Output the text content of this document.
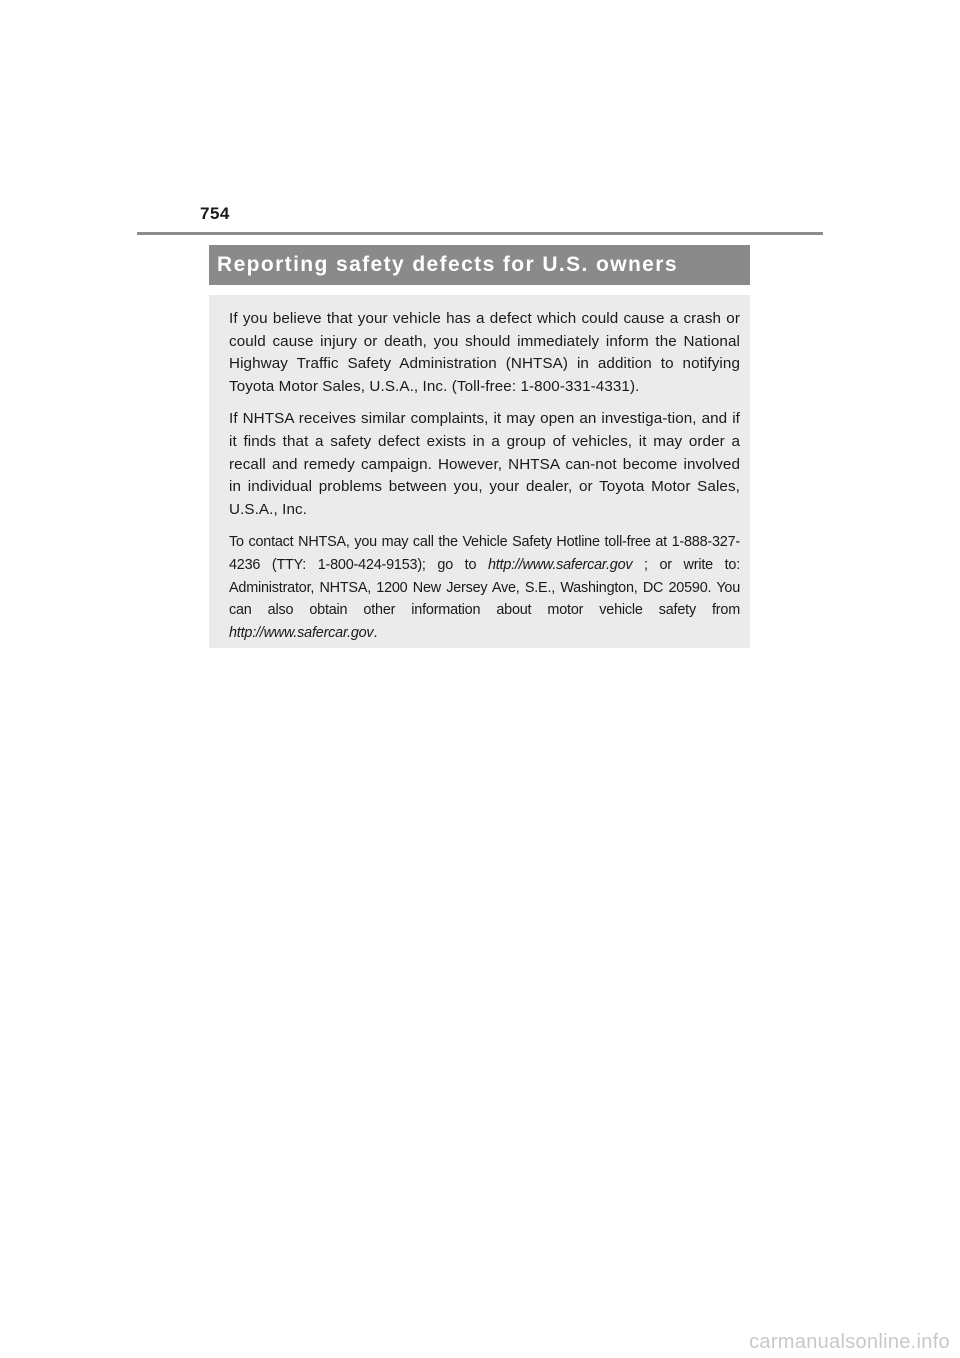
754
Reporting safety defects for U.S. owners

If you believe that your vehicle has a defect which could cause a crash or could cause injury or death, you should immediately inform the National Highway Traffic Safety Administration (NHTSA) in addition to notifying Toyota Motor Sales, U.S.A., Inc. (Toll-free: 1-800-331-4331).

If NHTSA receives similar complaints, it may open an investiga-tion, and if it finds that a safety defect exists in a group of vehicles, it may order a recall and remedy campaign. However, NHTSA can-not become involved in individual problems between you, your dealer, or Toyota Motor Sales, U.S.A., Inc.

To contact NHTSA, you may call the Vehicle Safety Hotline toll-free at 1-888-327-4236 (TTY: 1-800-424-9153); go to http://www.safercar.gov ; or write to: Administrator, NHTSA, 1200 New Jersey Ave, S.E., Washington, DC 20590. You can also obtain other information about motor vehicle safety from http://www.safercar.gov.

carmanualsonline.info
